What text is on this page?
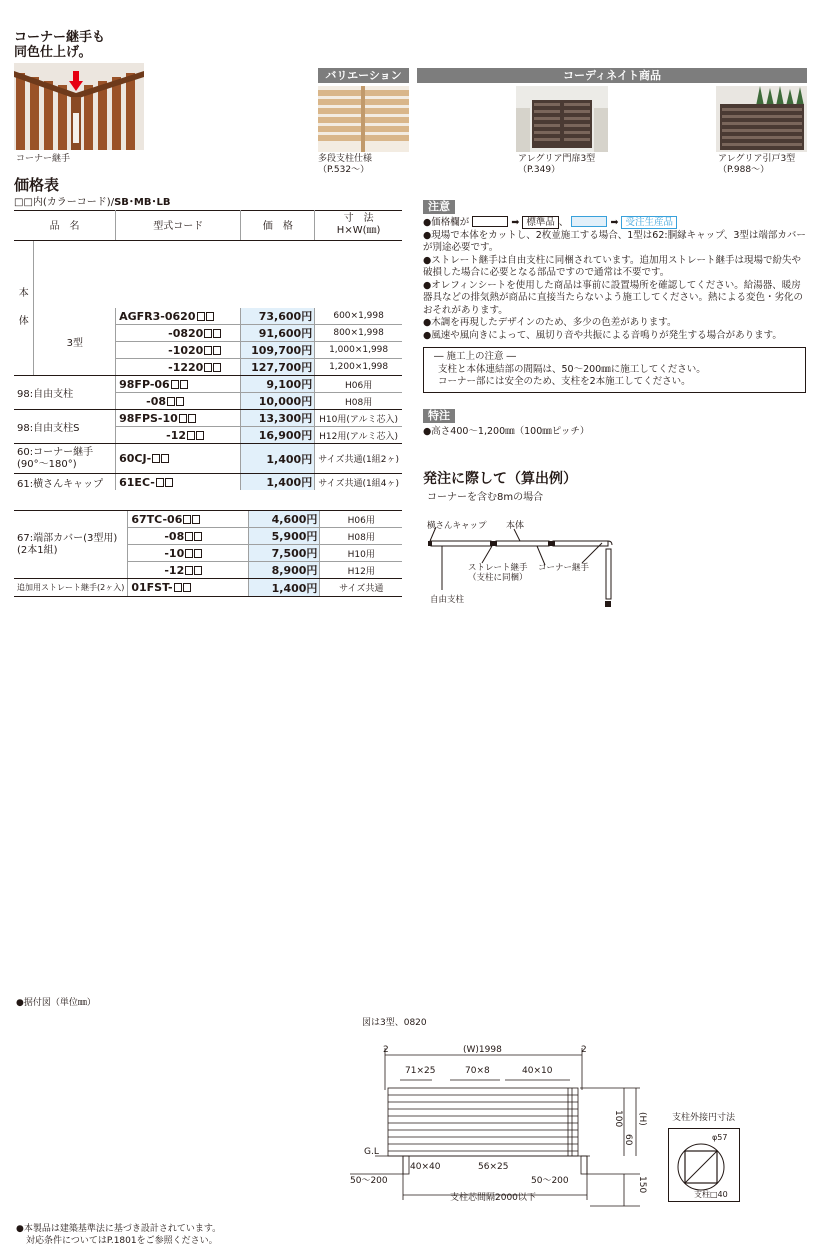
コーナー継手も
同色仕上げ。
コーナー継手
バリエーション
多段支柱仕様
（P.532～）
コーディネイト商品
アレグリア門扉3型
（P.349）
アレグリア引戸3型
（P.988～）
価格表
□□内(カラーコード)/SB･MB･LB
品　名		型式コード	価　格	寸　法
H×W(㎜)

本
体				

	3型	AGFR3-0620	73,600円	600×1,998
		-0820	91,600円	800×1,998
		-1020	109,700円	1,000×1,998
		-1220	127,700円	1,200×1,998
98:自由支柱		98FP-06	9,100円	H06用
		-08	10,000円	H08用
98:自由支柱S		98FPS-10	13,300円	H10用(アルミ芯入)
		-12	16,900円	H12用(アルミ芯入)

60:コーナー継手
(90°～180°)		60CJ-	1,400円	サイズ共通(1組2ヶ)
61:横さんキャップ		61EC-	1,400円	サイズ共通(1組4ヶ)
67:端部カバー(3型用)
(2本1組)	67TC-06	4,600円	H06用
	-08	5,900円	H08用
	-10	7,500円	H10用
	-12	8,900円	H12用
追加用ストレート継手(2ヶ入)	01FST-	1,400円	サイズ共通
注意
●価格欄が	➡ 標準品 、	➡ 受注生産品
●現場で本体をカットし、2枚並施工する場合、1型は62:胴縁キャップ、3型は端部カバーが別途必要です。
●ストレート継手は自由支柱に同梱されています。追加用ストレート継手は現場で紛失や破損した場合に必要となる部品ですので通常は不要です。
●オレフィンシートを使用した商品は事前に設置場所を確認してください。給湯器、暖房器具などの排気熱が商品に直接当たらないよう施工してください。熱による変色・劣化のおそれがあります。
●木調を再現したデザインのため、多少の色差があります。
●風速や風向きによって、風切り音や共振による音鳴りが発生する場合があります。
― 施工上の注意 ―
支柱と本体連結部の間隔は、50～200㎜に施工してください。
コーナー部には安全のため、支柱を2本施工してください。
特注
●高さ400～1,200㎜（100㎜ピッチ）
発注に際して（算出例）
コーナーを含む8mの場合
横さんキャップ 本体
ストレート継手
（支柱に同梱）
コーナー継手
自由支柱
●据付図（単位㎜）
図は3型、0820
2	(W)1998	2
71×25	70×8	40×10
100
60
(H)
G.L
40×40	56×25
50～200	50～200
支柱芯間隔2000以下
150
支柱外接円寸法
φ57
支柱□40
●本製品は建築基準法に基づき設計されています。
対応条件についてはP.1801をご参照ください。
